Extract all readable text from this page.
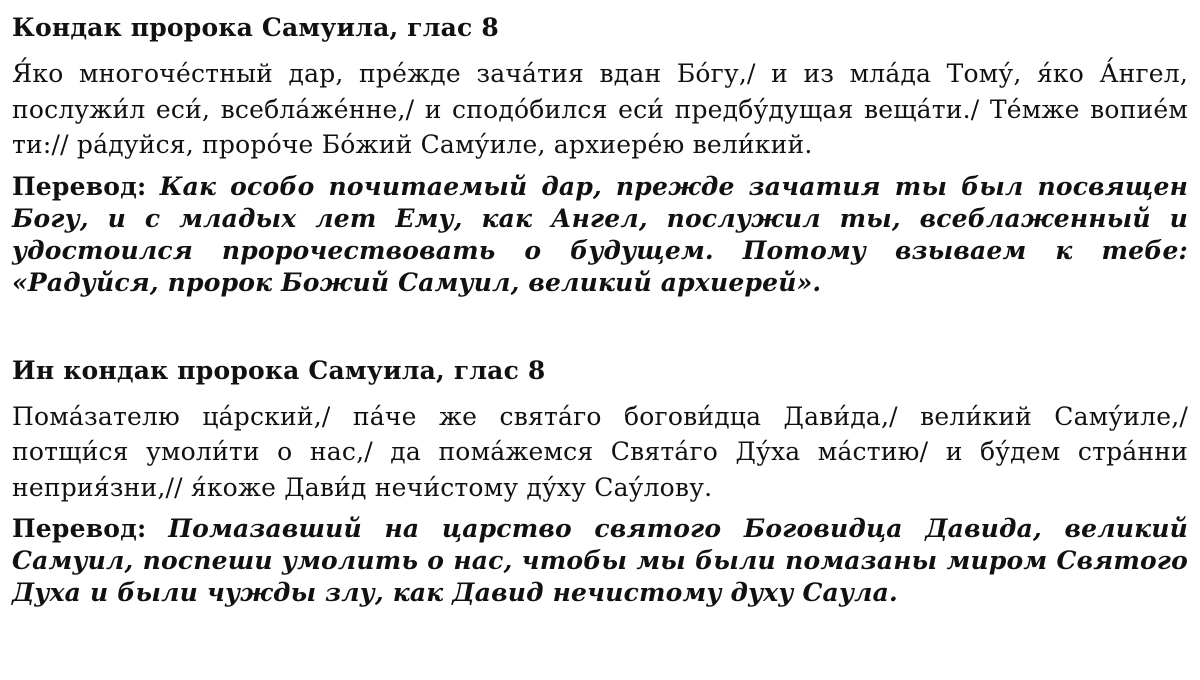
Кондак пророка Самуила, глас 8

Я́ко многоче́стный дар, пре́жде зача́тия вдан Бо́гу,/ и из мла́да Тому́, я́ко А́нгел, послужи́л еси́, всебла́же́нне,/ и сподо́бился еси́ предбу́дущая веща́ти./ Те́мже вопие́м ти:// ра́дуйся, проро́че Бо́жий Саму́иле, архиере́ю вели́кий.

Перевод: Как особо почитаемый дар, прежде зачатия ты был посвящен Богу, и с младых лет Ему, как Ангел, послужил ты, всеблаженный и удостоился пророчествовать о будущем. Потому взываем к тебе: «Радуйся, пророк Божий Самуил, великий архиерей».

Ин кондак пророка Самуила, глас 8

Пома́зателю ца́рский,/ па́че же свята́го богови́дца Дави́да,/ вели́кий Саму́иле,/ потщи́ся умоли́ти о нас,/ да пома́жемся Свята́го Ду́ха ма́стию/ и бу́дем стра́нни неприя́зни,// я́коже Дави́д нечи́стому ду́ху Сау́лову.

Перевод: Помазавший на царство святого Боговидца Давида, великий Самуил, поспеши умолить о нас, чтобы мы были помазаны миром Святого Духа и были чужды злу, как Давид нечистому духу Саула.
